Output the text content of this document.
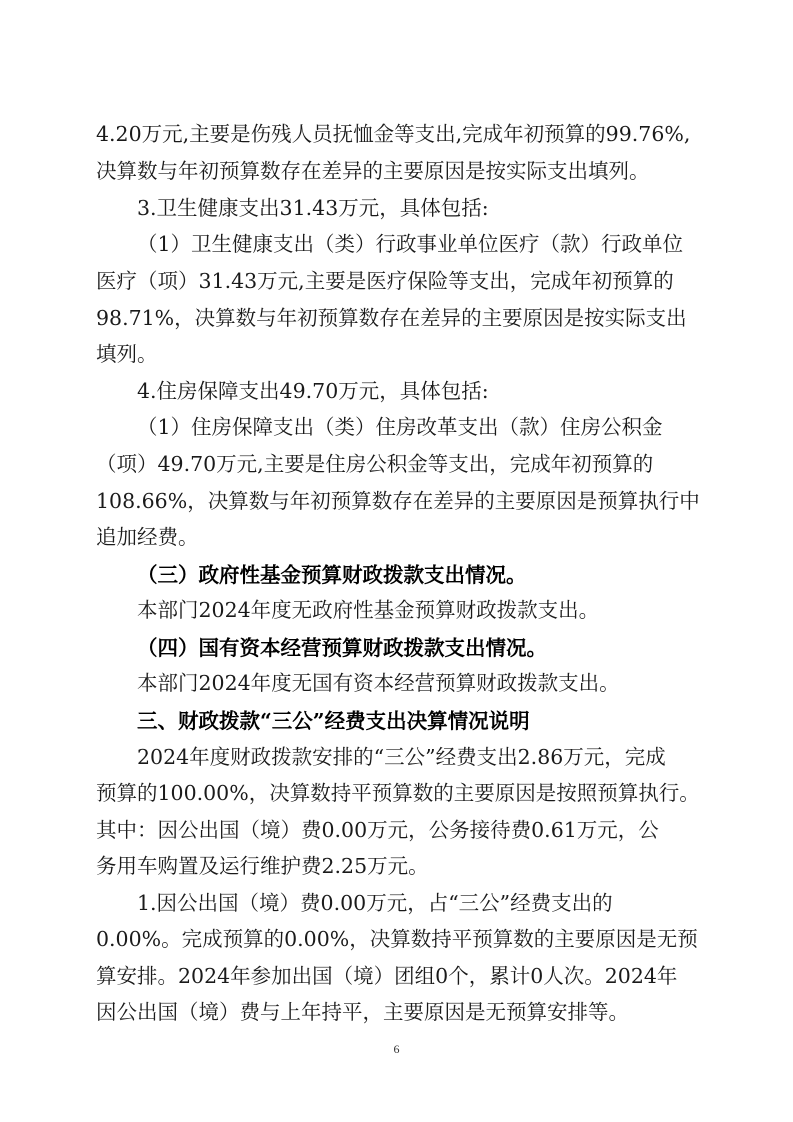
4.20万元,主要是伤残人员抚恤金等支出,完成年初预算的99.76%,
决算数与年初预算数存在差异的主要原因是按实际支出填列。
3.卫生健康支出31.43万元，具体包括:
（1）卫生健康支出（类）行政事业单位医疗（款）行政单位
医疗（项）31.43万元,主要是医疗保险等支出，完成年初预算的
98.71%，决算数与年初预算数存在差异的主要原因是按实际支出
填列。
4.住房保障支出49.70万元，具体包括:
（1）住房保障支出（类）住房改革支出（款）住房公积金
（项）49.70万元,主要是住房公积金等支出，完成年初预算的
108.66%，决算数与年初预算数存在差异的主要原因是预算执行中
追加经费。
（三）政府性基金预算财政拨款支出情况。
本部门2024年度无政府性基金预算财政拨款支出。
（四）国有资本经营预算财政拨款支出情况。
本部门2024年度无国有资本经营预算财政拨款支出。
三、财政拨款“三公”经费支出决算情况说明
2024年度财政拨款安排的“三公”经费支出2.86万元，完成
预算的100.00%，决算数持平预算数的主要原因是按照预算执行。
其中：因公出国（境）费0.00万元，公务接待费0.61万元，公
务用车购置及运行维护费2.25万元。
1.因公出国（境）费0.00万元，占“三公”经费支出的
0.00%。完成预算的0.00%，决算数持平预算数的主要原因是无预
算安排。2024年参加出国（境）团组0个，累计0人次。2024年
因公出国（境）费与上年持平，主要原因是无预算安排等。
6
